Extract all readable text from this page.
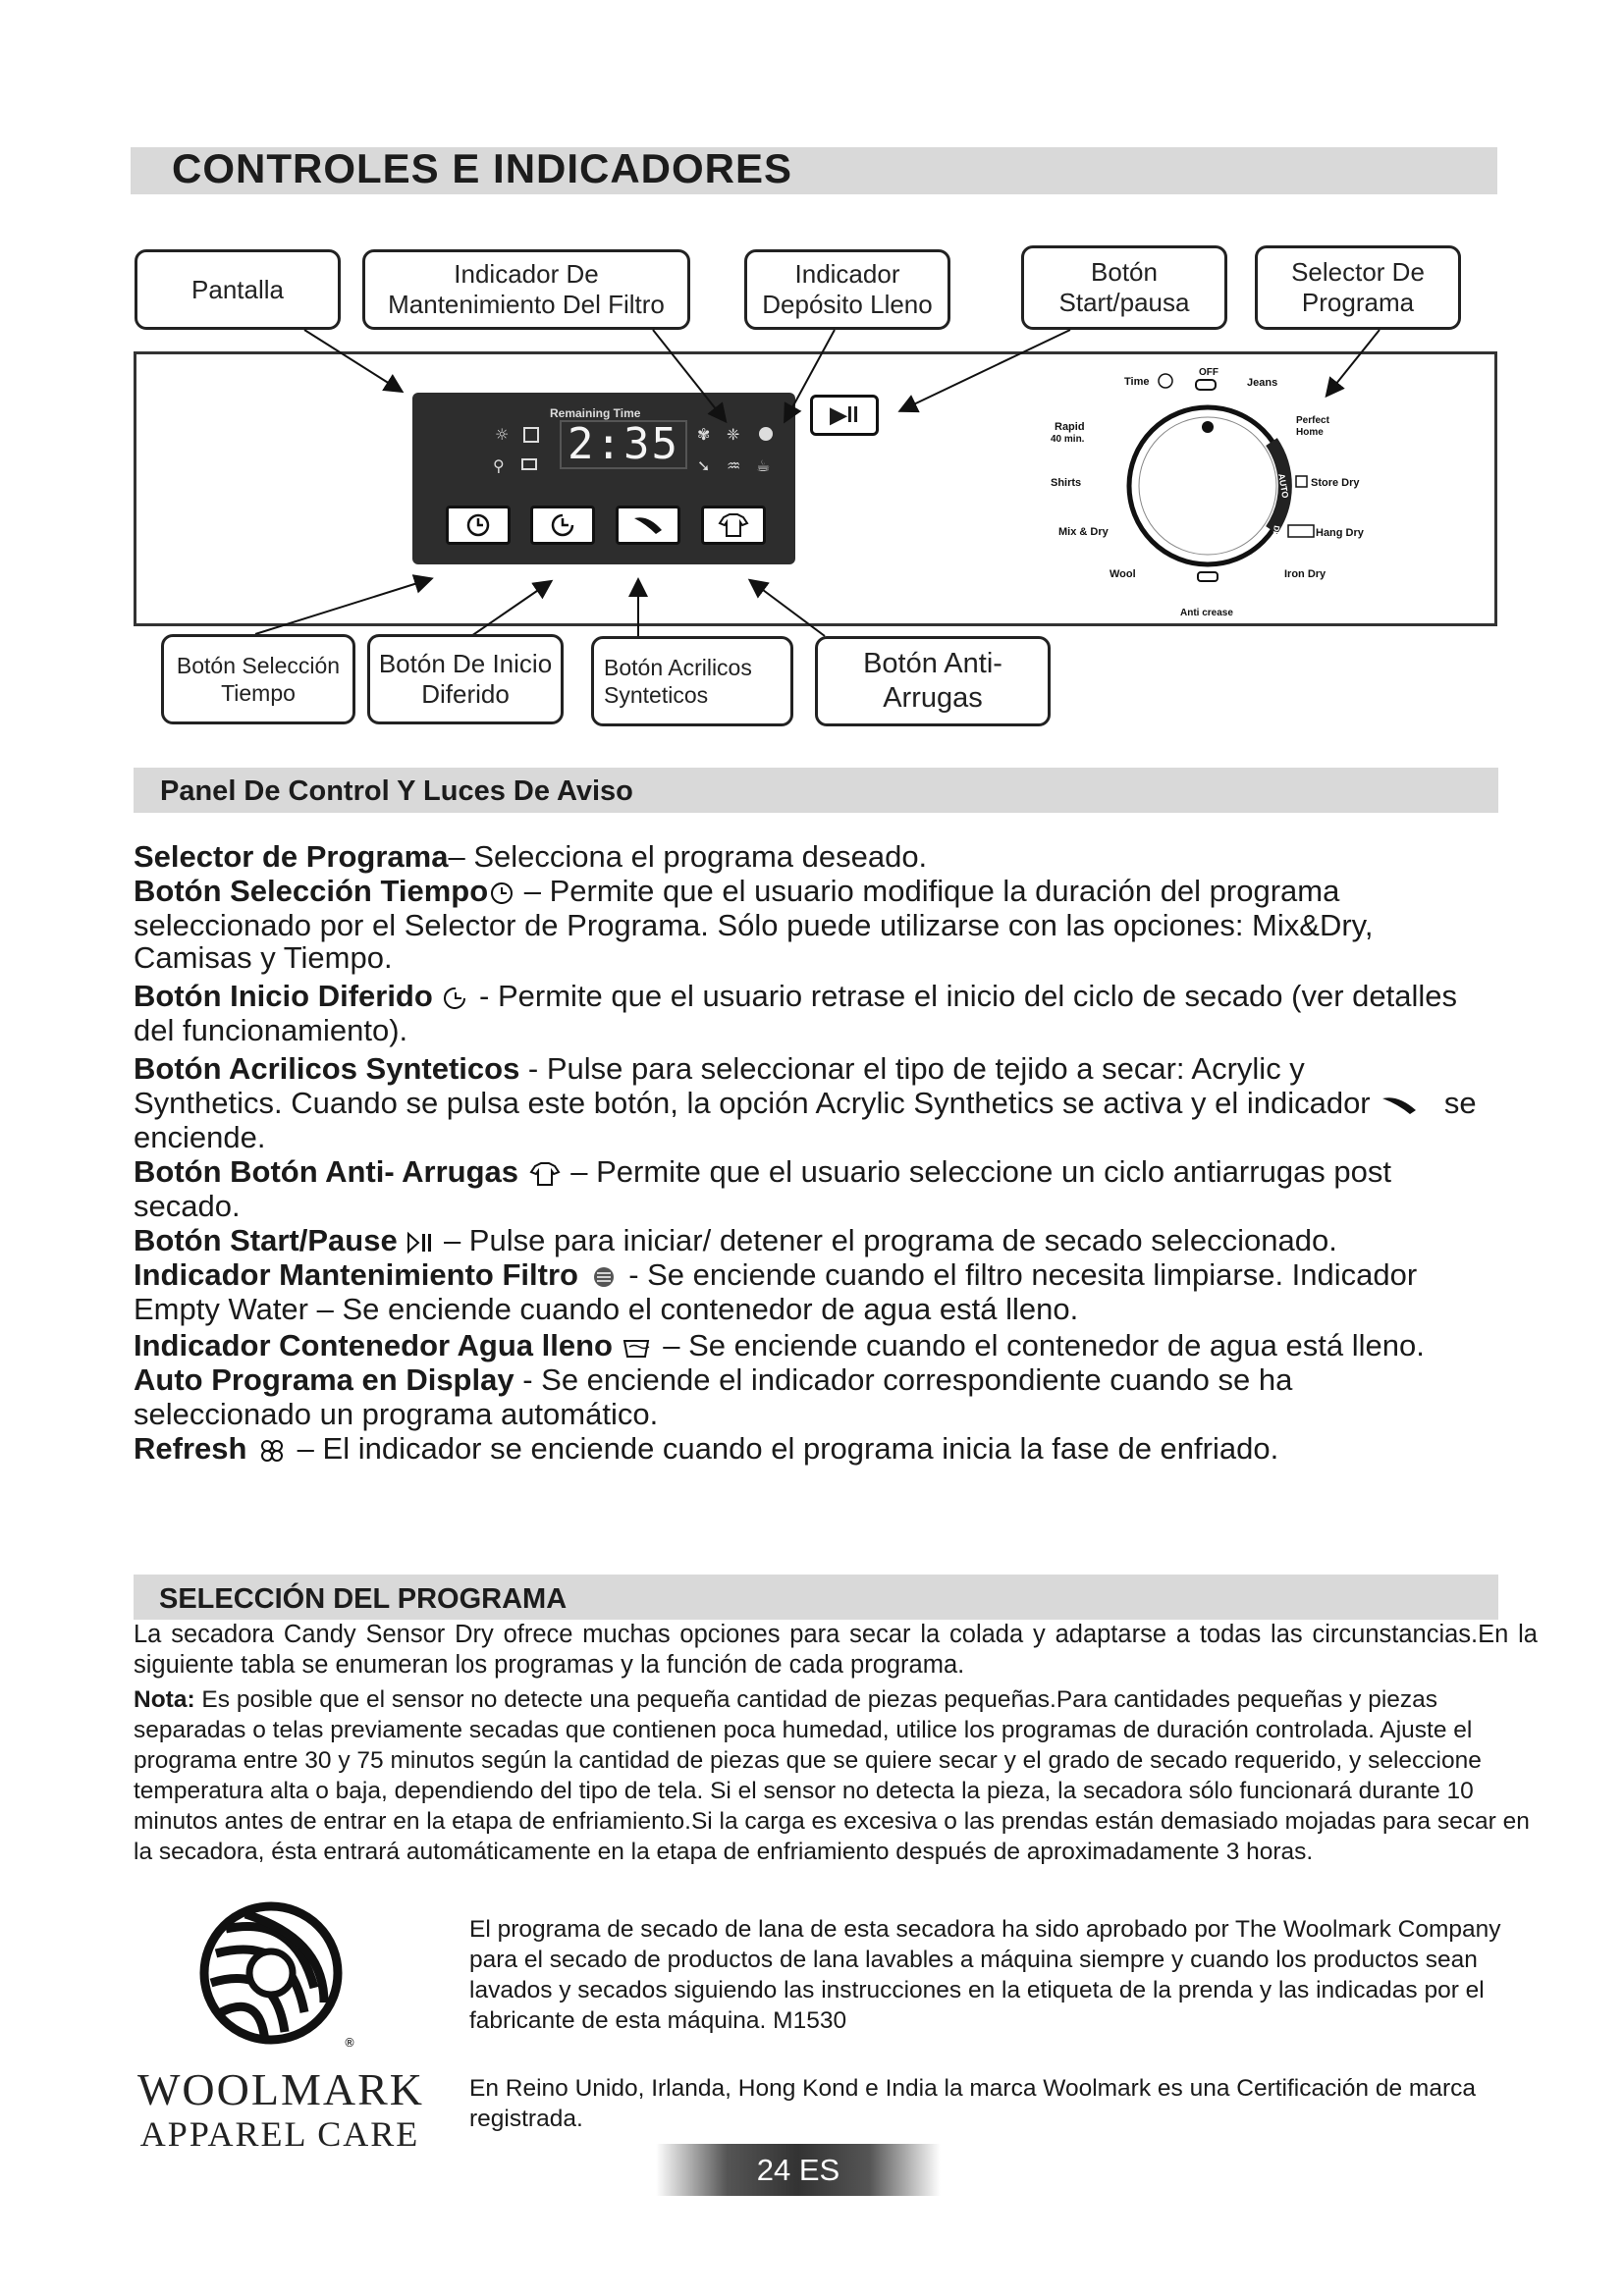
CONTROLES E INDICADORES
Pantalla
Indicador De Mantenimiento Del Filtro
Indicador Depósito Lleno
Botón Start/pausa
Selector De Programa
Remaining Time
2:35
☼
⚲
✾ ❈
➘ ♒ ☕
▶ll
AUTO
DRYING
Time
OFF
Jeans
Rapid
40 min.
Perfect
Home
Shirts	Store Dry
Mix & Dry	Hang Dry
Wool	Iron Dry
Anti crease
Botón Selección Tiempo
Botón De Inicio Diferido
Botón Acrilicos Synteticos
Botón Anti- Arrugas
Panel De Control Y Luces De Aviso
Selector de Programa– Selecciona el programa deseado.
Botón Selección Tiempo – Permite que el usuario modifique la duración del programa
seleccionado por el Selector de Programa. Sólo puede utilizarse con las opciones: Mix&Dry,
Camisas y Tiempo.
Botón Inicio Diferido  - Permite que el usuario retrase el inicio del ciclo de secado (ver detalles
del funcionamiento).
Botón Acrilicos Synteticos - Pulse para seleccionar el tipo de tejido a secar: Acrylic y
Synthetics. Cuando se pulsa este botón, la opción Acrylic Synthetics se activa y el indicador se
enciende.
Botón Botón Anti- Arrugas  – Permite que el usuario seleccione un ciclo antiarrugas post
secado.
Botón Start/Pause  – Pulse para iniciar/ detener el programa de secado seleccionado.
Indicador Mantenimiento Filtro  - Se enciende cuando el filtro necesita limpiarse. Indicador
Empty Water – Se enciende cuando el contenedor de agua está lleno.
Indicador Contenedor Agua lleno  – Se enciende cuando el contenedor de agua está lleno.
Auto Programa en Display - Se enciende el indicador correspondiente cuando se ha
seleccionado un programa automático.
Refresh  – El indicador se enciende cuando el programa inicia la fase de enfriado.
SELECCIÓN DEL PROGRAMA
La secadora Candy Sensor Dry ofrece muchas opciones para secar la colada y adaptarse a todas las circunstancias.En la siguiente tabla se enumeran los programas y la función de cada programa.
Nota: Es posible que el sensor no detecte una pequeña cantidad de piezas pequeñas.Para cantidades pequeñas y piezas separadas o telas previamente secadas que contienen poca humedad, utilice los programas de duración controlada. Ajuste el programa entre 30 y 75 minutos según la cantidad de piezas que se quiere secar y el grado de secado requerido, y seleccione temperatura alta o baja, dependiendo del tipo de tela. Si el sensor no detecta la pieza, la secadora sólo funcionará durante 10 minutos antes de entrar en la etapa de enfriamiento.Si la carga es excesiva o las prendas están demasiado mojadas para secar en la secadora, ésta entrará automáticamente en la etapa de enfriamiento después de aproximadamente 3 horas.
®
WOOLMARK
APPAREL CARE
El programa de secado de lana de esta secadora ha sido aprobado por The Woolmark Company para el secado de productos de lana lavables a máquina siempre y cuando los productos sean lavados y secados siguiendo las instrucciones en la etiqueta de la prenda y las indicadas por el fabricante de esta máquina. M1530
En Reino Unido, Irlanda, Hong Kond e India la marca Woolmark es una Certificación de marca registrada.
24 ES
